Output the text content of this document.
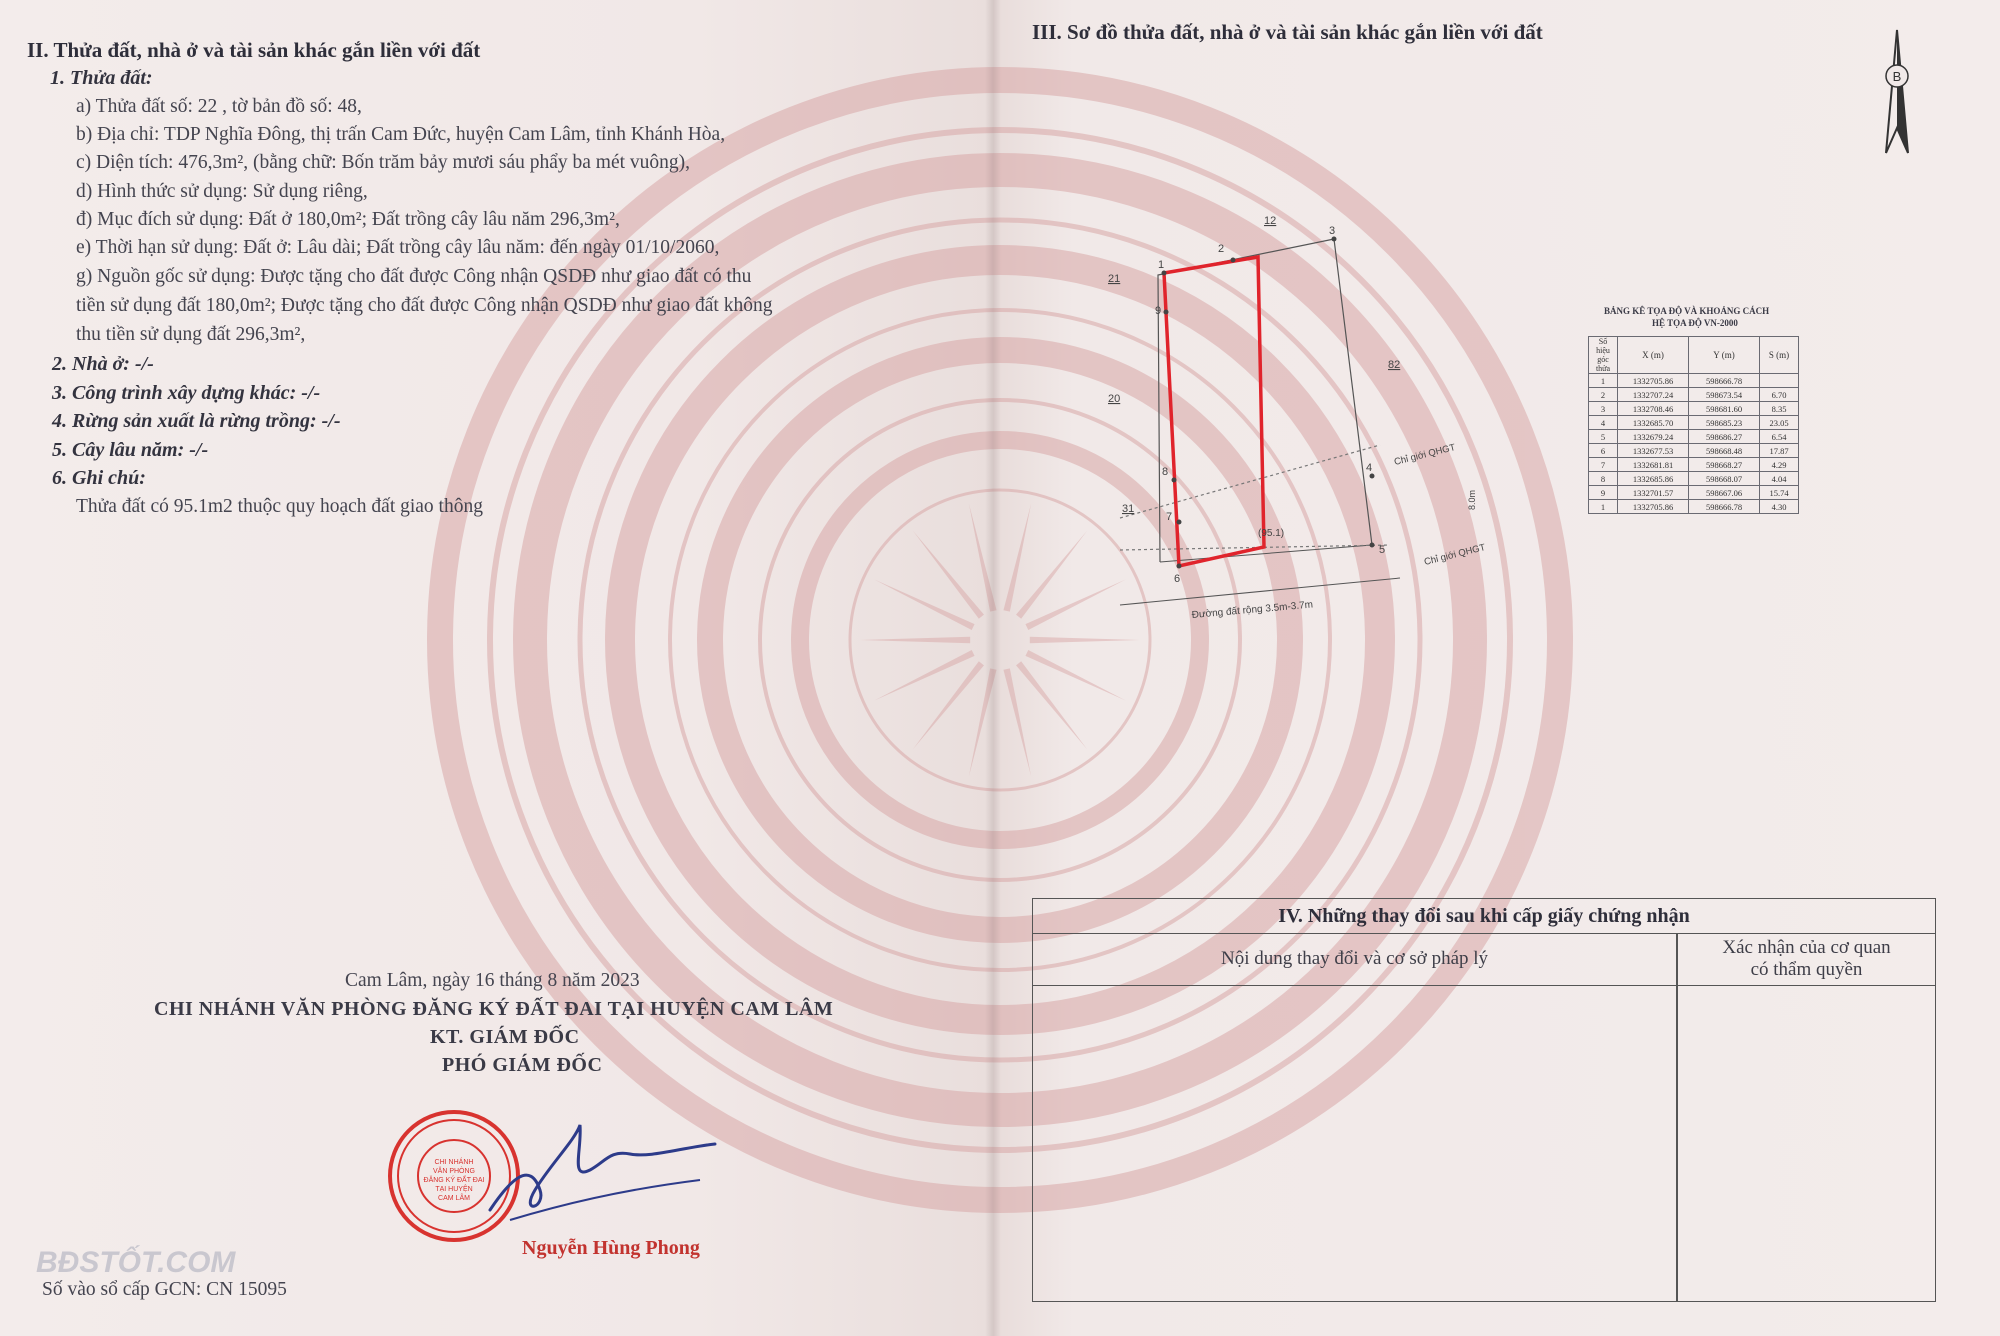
II. Thửa đất, nhà ở và tài sản khác gắn liền với đất
1. Thửa đất:
a) Thửa đất số: 22 , tờ bản đồ số: 48,
b) Địa chỉ: TDP Nghĩa Đông, thị trấn Cam Đức, huyện Cam Lâm, tỉnh Khánh Hòa,
c) Diện tích: 476,3m², (bằng chữ: Bốn trăm bảy mươi sáu phẩy ba mét vuông),
d) Hình thức sử dụng: Sử dụng riêng,
đ) Mục đích sử dụng: Đất ở 180,0m²; Đất trồng cây lâu năm 296,3m²,
e) Thời hạn sử dụng: Đất ở: Lâu dài; Đất trồng cây lâu năm: đến ngày 01/10/2060,
g) Nguồn gốc sử dụng: Được tặng cho đất được Công nhận QSDĐ như giao đất có thu
tiền sử dụng đất 180,0m²; Được tặng cho đất được Công nhận QSDĐ như giao đất không
thu tiền sử dụng đất 296,3m²,
2. Nhà ở: -/-
3. Công trình xây dựng khác: -/-
4. Rừng sản xuất là rừng trồng: -/-
5. Cây lâu năm: -/-
6. Ghi chú:
Thửa đất có 95.1m2 thuộc quy hoạch đất giao thông
Cam Lâm, ngày 16 tháng 8 năm 2023
CHI NHÁNH VĂN PHÒNG ĐĂNG KÝ ĐẤT ĐAI TẠI HUYỆN CAM LÂM
KT. GIÁM ĐỐC
PHÓ GIÁM ĐỐC
CHI NHÁNH
VĂN PHÒNG
ĐĂNG KÝ ĐẤT ĐAI
TẠI HUYỆN
CAM LÂM
Nguyễn Hùng Phong
BĐSTỐT.COM
Số vào sổ cấp GCN: CN 15095
III. Sơ đồ thửa đất, nhà ở và tài sản khác gắn liền với đất
B
1
2
3
4
5
6
7
8
9
12
21
20
31
82
(95.1)
Chỉ giới QHGT
Chỉ giới QHGT
8.0m
Đường đất rộng 3.5m-3.7m
BẢNG KÊ TỌA ĐỘ VÀ KHOẢNG CÁCH
HỆ TỌA ĐỘ VN-2000
Số hiệu góc thửa	X (m)	Y (m)	S (m)
1	1332705.86	598666.78	
2	1332707.24	598673.54	6.70
3	1332708.46	598681.60	8.35
4	1332685.70	598685.23	23.05
5	1332679.24	598686.27	6.54
6	1332677.53	598668.48	17.87
7	1332681.81	598668.27	4.29
8	1332685.86	598668.07	4.04
9	1332701.57	598667.06	15.74
1	1332705.86	598666.78	4.30
IV. Những thay đổi sau khi cấp giấy chứng nhận
Nội dung thay đổi và cơ sở pháp lý
Xác nhận của cơ quan
có thẩm quyền
